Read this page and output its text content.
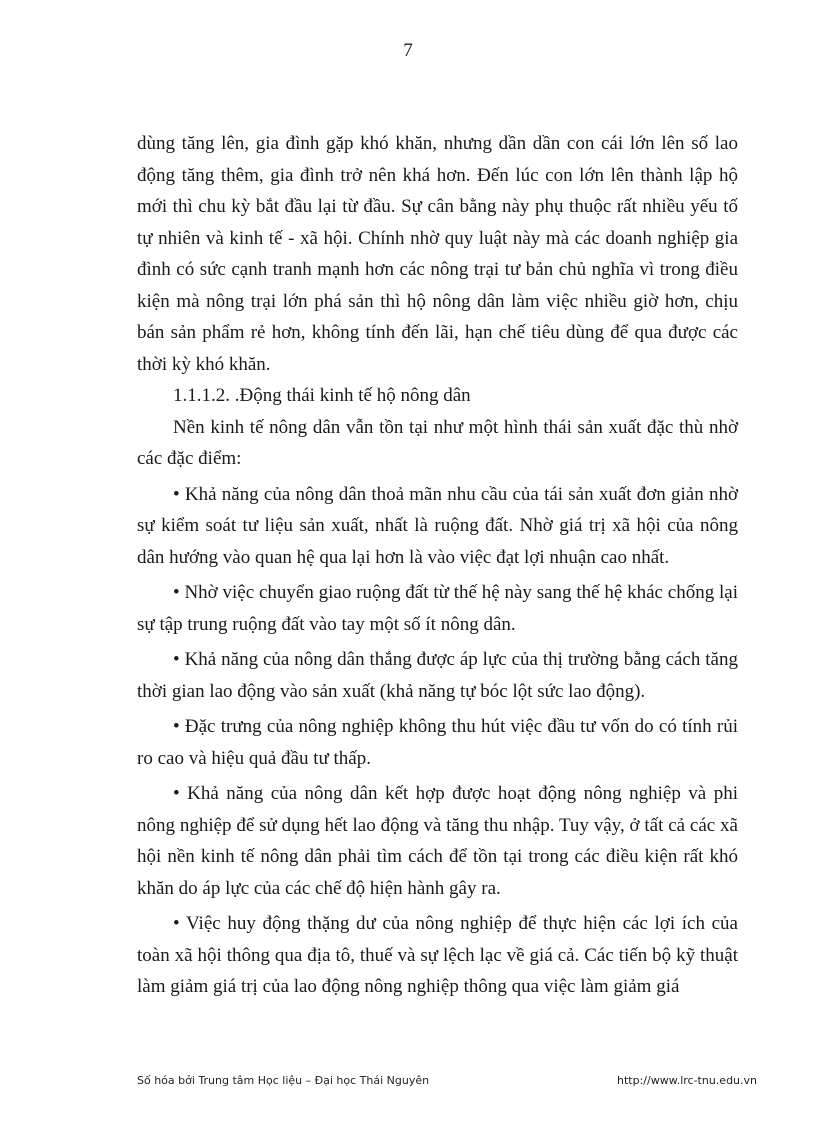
7

dùng tăng lên, gia đình gặp khó khăn, nhưng dần dần con cái lớn lên số lao động tăng thêm, gia đình trở nên khá hơn. Đến lúc con lớn lên thành lập hộ mới thì chu kỳ bắt đầu lại từ đầu. Sự cân bằng này phụ thuộc rất nhiều yếu tố tự nhiên và kinh tế - xã hội. Chính nhờ quy luật này mà các doanh nghiệp gia đình có sức cạnh tranh mạnh hơn các nông trại tư bản chủ nghĩa vì trong điều kiện mà nông trại lớn phá sản thì hộ nông dân làm việc nhiều giờ hơn, chịu bán sản phẩm rẻ hơn, không tính đến lãi, hạn chế tiêu dùng để qua được các thời kỳ khó khăn.

1.1.1.2. .Động thái kinh tế hộ nông dân

Nền kinh tế nông dân vẫn tồn tại như một hình thái sản xuất đặc thù nhờ các đặc điểm:

• Khả năng của nông dân thoả mãn nhu cầu của tái sản xuất đơn giản nhờ sự kiểm soát tư liệu sản xuất, nhất là ruộng đất. Nhờ giá trị xã hội của nông dân hướng vào quan hệ qua lại hơn là vào việc đạt lợi nhuận cao nhất.

• Nhờ việc chuyển giao ruộng đất từ thế hệ này sang thế hệ khác chống lại sự tập trung ruộng đất vào tay một số ít nông dân.

• Khả năng của nông dân thắng được áp lực của thị trường bằng cách tăng thời gian lao động vào sản xuất (khả năng tự bóc lột sức lao động).

• Đặc trưng của nông nghiệp không thu hút việc đầu tư vốn do có tính rủi ro cao và hiệu quả đầu tư thấp.

• Khả năng của nông dân kết hợp được hoạt động nông nghiệp và phi nông nghiệp để sử dụng hết lao động và tăng thu nhập. Tuy vậy, ở tất cả các xã hội nền kinh tế nông dân phải tìm cách để tồn tại trong các điều kiện rất khó khăn do áp lực của các chế độ hiện hành gây ra.

• Việc huy động thặng dư của nông nghiệp để thực hiện các lợi ích của toàn xã hội thông qua địa tô, thuế và sự lệch lạc về giá cả. Các tiến bộ kỹ thuật làm giảm giá trị của lao động nông nghiệp thông qua việc làm giảm giá

Số hóa bởi Trung tâm Học liệu – Đại học Thái Nguyên	http://www.lrc-tnu.edu.vn
